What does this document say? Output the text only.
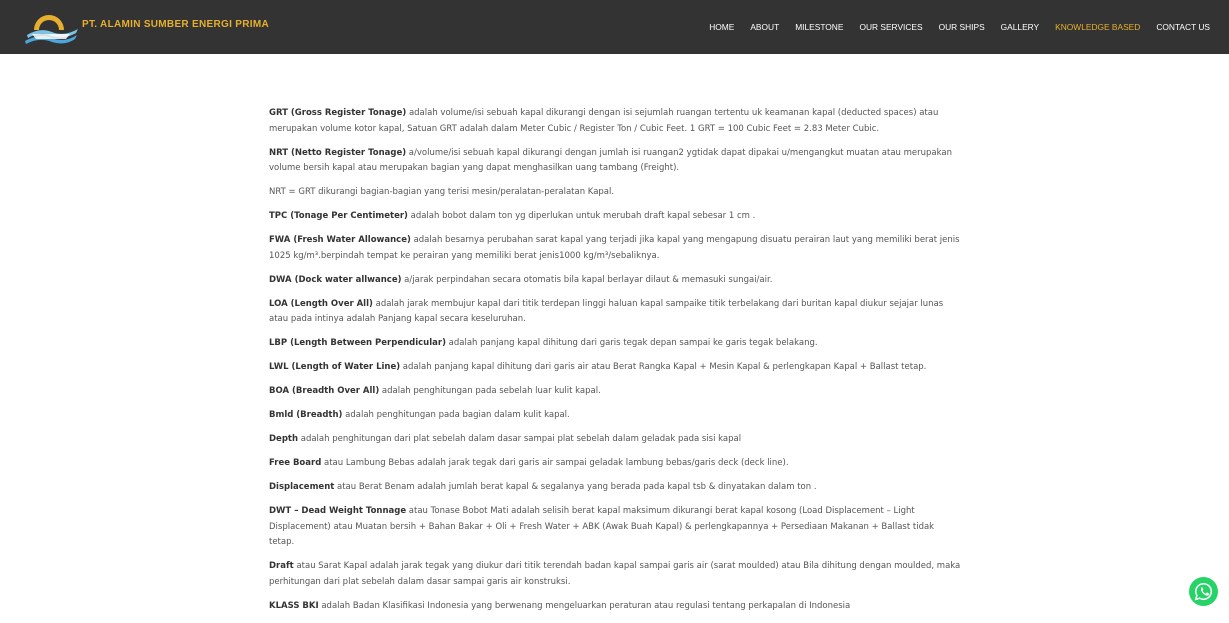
PT. ALAMIN SUMBER ENERGI PRIMA	HOME	ABOUT	MILESTONE	OUR SERVICES	OUR SHIPS	GALLERY	KNOWLEDGE BASED	CONTACT US

GRT (Gross Register Tonage) adalah volume/isi sebuah kapal dikurangi dengan isi sejumlah ruangan tertentu uk keamanan kapal (deducted spaces) atau merupakan volume kotor kapal, Satuan GRT adalah dalam Meter Cubic / Register Ton / Cubic Feet. 1 GRT = 100 Cubic Feet = 2.83 Meter Cubic.

NRT (Netto Register Tonage) a/volume/isi sebuah kapal dikurangi dengan jumlah isi ruangan2 ygtidak dapat dipakai u/mengangkut muatan atau merupakan volume bersih kapal atau merupakan bagian yang dapat menghasilkan uang tambang (Freight).

NRT = GRT dikurangi bagian-bagian yang terisi mesin/peralatan-peralatan Kapal.

TPC (Tonage Per Centimeter) adalah bobot dalam ton yg diperlukan untuk merubah draft kapal sebesar 1 cm .

FWA (Fresh Water Allowance) adalah besarnya perubahan sarat kapal yang terjadi jika kapal yang mengapung disuatu perairan laut yang memiliki berat jenis 1025 kg/m³.berpindah tempat ke perairan yang memiliki berat jenis1000 kg/m³/sebaliknya.

DWA (Dock water allwance) a/jarak perpindahan secara otomatis bila kapal berlayar dilaut & memasuki sungai/air.

LOA (Length Over All) adalah jarak membujur kapal dari titik terdepan linggi haluan kapal sampaike titik terbelakang dari buritan kapal diukur sejajar lunas atau pada intinya adalah Panjang kapal secara keseluruhan.

LBP (Length Between Perpendicular) adalah panjang kapal dihitung dari garis tegak depan sampai ke garis tegak belakang.

LWL (Length of Water Line) adalah panjang kapal dihitung dari garis air atau Berat Rangka Kapal + Mesin Kapal & perlengkapan Kapal + Ballast tetap.

BOA (Breadth Over All) adalah penghitungan pada sebelah luar kulit kapal.

Bmld (Breadth) adalah penghitungan pada bagian dalam kulit kapal.

Depth adalah penghitungan dari plat sebelah dalam dasar sampai plat sebelah dalam geladak pada sisi kapal

Free Board atau Lambung Bebas adalah jarak tegak dari garis air sampai geladak lambung bebas/garis deck (deck line).

Displacement atau Berat Benam adalah jumlah berat kapal & segalanya yang berada pada kapal tsb & dinyatakan dalam ton .

DWT – Dead Weight Tonnage atau Tonase Bobot Mati adalah selisih berat kapal maksimum dikurangi berat kapal kosong (Load Displacement – Light Displacement) atau Muatan bersih + Bahan Bakar + Oli + Fresh Water + ABK (Awak Buah Kapal) & perlengkapannya + Persediaan Makanan + Ballast tidak tetap.

Draft atau Sarat Kapal adalah jarak tegak yang diukur dari titik terendah badan kapal sampai garis air (sarat moulded) atau Bila dihitung dengan moulded, maka perhitungan dari plat sebelah dalam dasar sampai garis air konstruksi.

KLASS BKI adalah Badan Klasifikasi Indonesia yang berwenang mengeluarkan peraturan atau regulasi tentang perkapalan di Indonesia
